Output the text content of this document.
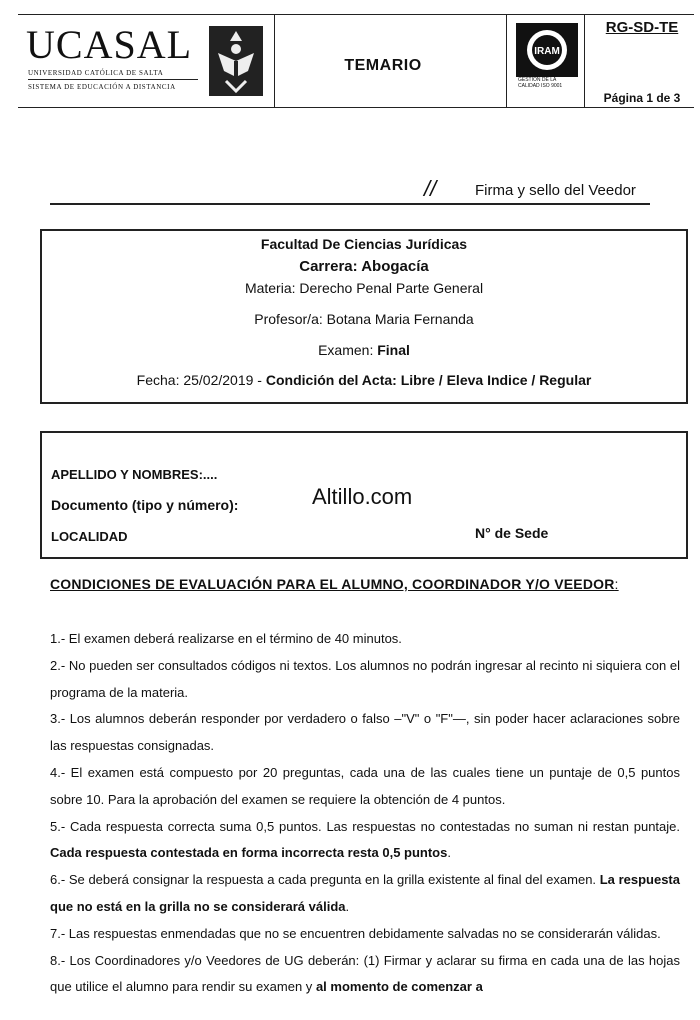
UCASAL
UNIVERSIDAD CATÓLICA DE SALTA
SISTEMA DE EDUCACIÓN A DISTANCIA
TEMARIO
IRAM
GESTIÓN DE LA CALIDAD ISO 9001
RG-SD-TE
Página 1 de 3
//	Firma y sello del Veedor
Facultad De Ciencias Jurídicas
Carrera: Abogacía
Materia: Derecho Penal Parte General
Profesor/a: Botana Maria Fernanda
Examen: Final
Fecha: 25/02/2019 - Condición del Acta: Libre / Eleva Indice / Regular
APELLIDO Y NOMBRES:....
Documento (tipo y número):
LOCALIDAD
Altillo.com
N° de Sede
CONDICIONES DE EVALUACIÓN PARA EL ALUMNO, COORDINADOR Y/O VEEDOR:

1.- El examen deberá realizarse en el término de 40 minutos.

2.- No pueden ser consultados códigos ni textos. Los alumnos no podrán ingresar al recinto ni siquiera con el programa de la materia.

3.- Los alumnos deberán responder por verdadero o falso –"V" o "F"—, sin poder hacer aclaraciones sobre las respuestas consignadas.

4.- El examen está compuesto por 20 preguntas, cada una de las cuales tiene un puntaje de 0,5 puntos sobre 10. Para la aprobación del examen se requiere la obtención de 4 puntos.

5.- Cada respuesta correcta suma 0,5 puntos. Las respuestas no contestadas no suman ni restan puntaje. Cada respuesta contestada en forma incorrecta resta 0,5 puntos.

6.- Se deberá consignar la respuesta a cada pregunta en la grilla existente al final del examen. La respuesta que no está en la grilla no se considerará válida.

7.- Las respuestas enmendadas que no se encuentren debidamente salvadas no se considerarán válidas.

8.- Los Coordinadores y/o Veedores de UG deberán: (1) Firmar y aclarar su firma en cada una de las hojas que utilice el alumno para rendir su examen y al momento de comenzar a
